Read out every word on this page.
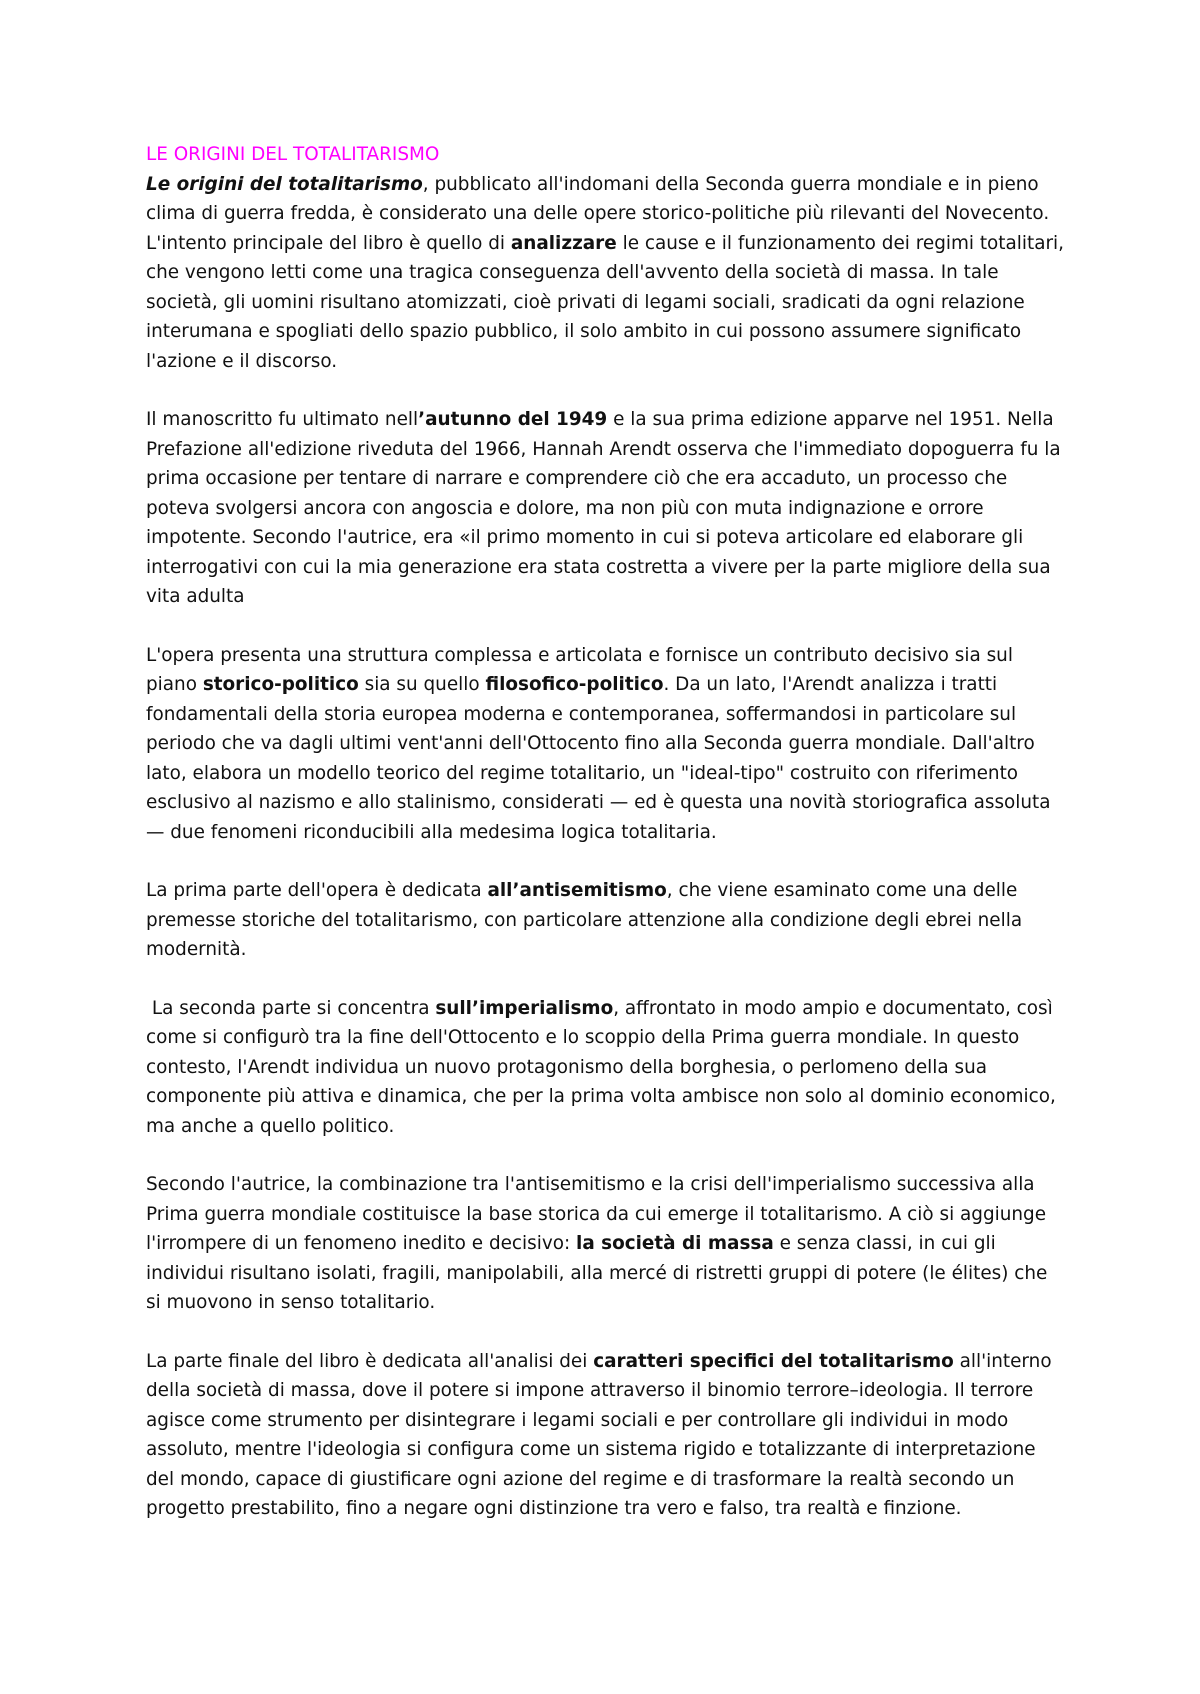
LE ORIGINI DEL TOTALITARISMO

Le origini del totalitarismo, pubblicato all'indomani della Seconda guerra mondiale e in pieno clima di guerra fredda, è considerato una delle opere storico-politiche più rilevanti del Novecento. L'intento principale del libro è quello di analizzare le cause e il funzionamento dei regimi totalitari, che vengono letti come una tragica conseguenza dell'avvento della società di massa. In tale società, gli uomini risultano atomizzati, cioè privati di legami sociali, sradicati da ogni relazione interumana e spogliati dello spazio pubblico, il solo ambito in cui possono assumere significato l'azione e il discorso.

Il manoscritto fu ultimato nell’autunno del 1949 e la sua prima edizione apparve nel 1951. Nella Prefazione all'edizione riveduta del 1966, Hannah Arendt osserva che l'immediato dopoguerra fu la prima occasione per tentare di narrare e comprendere ciò che era accaduto, un processo che poteva svolgersi ancora con angoscia e dolore, ma non più con muta indignazione e orrore impotente. Secondo l'autrice, era «il primo momento in cui si poteva articolare ed elaborare gli interrogativi con cui la mia generazione era stata costretta a vivere per la parte migliore della sua vita adulta

L'opera presenta una struttura complessa e articolata e fornisce un contributo decisivo sia sul piano storico-politico sia su quello filosofico-politico. Da un lato, l'Arendt analizza i tratti fondamentali della storia europea moderna e contemporanea, soffermandosi in particolare sul periodo che va dagli ultimi vent'anni dell'Ottocento fino alla Seconda guerra mondiale. Dall'altro lato, elabora un modello teorico del regime totalitario, un "ideal-tipo" costruito con riferimento esclusivo al nazismo e allo stalinismo, considerati — ed è questa una novità storiografica assoluta — due fenomeni riconducibili alla medesima logica totalitaria.

La prima parte dell'opera è dedicata all’antisemitismo, che viene esaminato come una delle premesse storiche del totalitarismo, con particolare attenzione alla condizione degli ebrei nella modernità.

La seconda parte si concentra sull’imperialismo, affrontato in modo ampio e documentato, così come si configurò tra la fine dell'Ottocento e lo scoppio della Prima guerra mondiale. In questo contesto, l'Arendt individua un nuovo protagonismo della borghesia, o perlomeno della sua componente più attiva e dinamica, che per la prima volta ambisce non solo al dominio economico, ma anche a quello politico.

Secondo l'autrice, la combinazione tra l'antisemitismo e la crisi dell'imperialismo successiva alla Prima guerra mondiale costituisce la base storica da cui emerge il totalitarismo. A ciò si aggiunge l'irrompere di un fenomeno inedito e decisivo: la società di massa e senza classi, in cui gli individui risultano isolati, fragili, manipolabili, alla mercé di ristretti gruppi di potere (le élites) che si muovono in senso totalitario.

La parte finale del libro è dedicata all'analisi dei caratteri specifici del totalitarismo all'interno della società di massa, dove il potere si impone attraverso il binomio terrore–ideologia. Il terrore agisce come strumento per disintegrare i legami sociali e per controllare gli individui in modo assoluto, mentre l'ideologia si configura come un sistema rigido e totalizzante di interpretazione del mondo, capace di giustificare ogni azione del regime e di trasformare la realtà secondo un progetto prestabilito, fino a negare ogni distinzione tra vero e falso, tra realtà e finzione.
